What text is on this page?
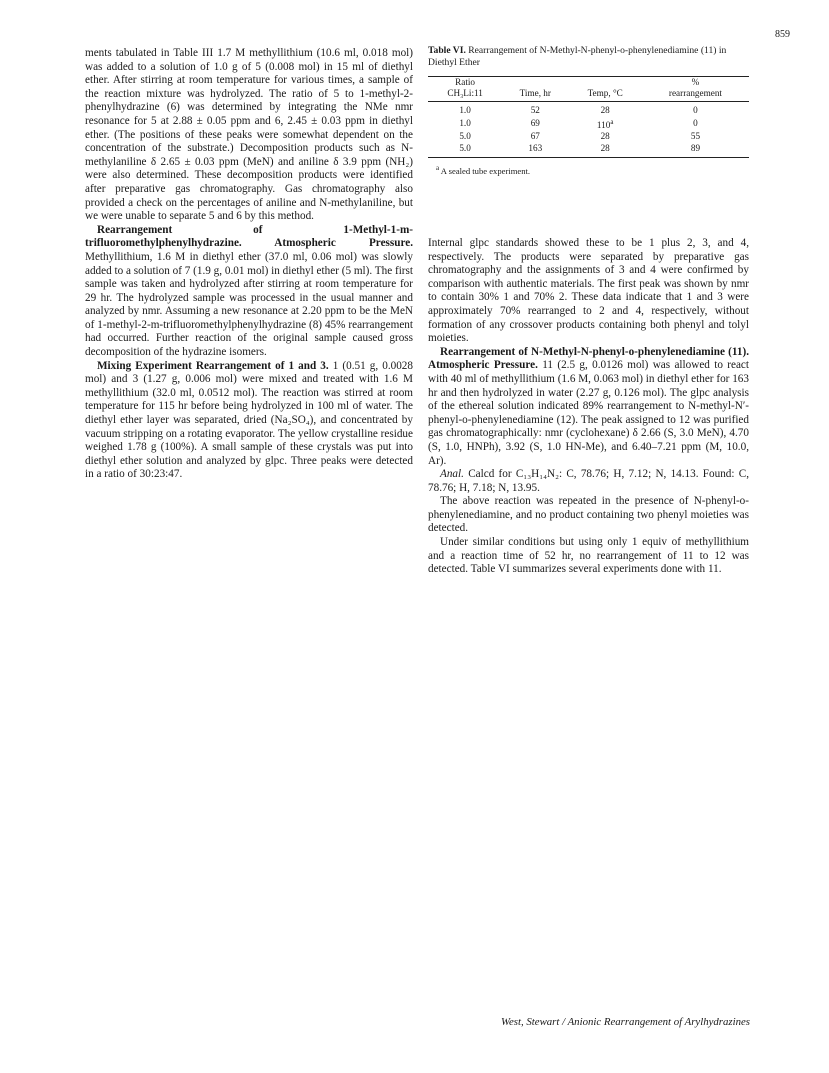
859

ments tabulated in Table III 1.7 M methyllithium (10.6 ml, 0.018 mol) was added to a solution of 1.0 g of 5 (0.008 mol) in 15 ml of diethyl ether. After stirring at room temperature for various times, a sample of the reaction mixture was hydrolyzed. The ratio of 5 to 1-methyl-2-phenylhydrazine (6) was determined by integrating the NMe nmr resonance for 5 at 2.88 ± 0.05 ppm and 6, 2.45 ± 0.03 ppm in diethyl ether. (The positions of these peaks were somewhat dependent on the concentration of the substrate.) Decomposition products such as N-methylaniline δ 2.65 ± 0.03 ppm (MeN) and aniline δ 3.9 ppm (NH₂) were also determined. These decomposition products were identified after preparative gas chromatography. Gas chromatography also provided a check on the percentages of aniline and N-methylaniline, but we were unable to separate 5 and 6 by this method.

Rearrangement of 1-Methyl-1-m-trifluoromethylphenylhydrazine. Atmospheric Pressure. Methyllithium, 1.6 M in diethyl ether (37.0 ml, 0.06 mol) was slowly added to a solution of 7 (1.9 g, 0.01 mol) in diethyl ether (5 ml). The first sample was taken and hydrolyzed after stirring at room temperature for 29 hr. The hydrolyzed sample was processed in the usual manner and analyzed by nmr. Assuming a new resonance at 2.20 ppm to be the MeN of 1-methyl-2-m-trifluoromethylphenylhydrazine (8) 45% rearrangement had occurred. Further reaction of the original sample caused gross decomposition of the hydrazine isomers.

Mixing Experiment Rearrangement of 1 and 3. 1 (0.51 g, 0.0028 mol) and 3 (1.27 g, 0.006 mol) were mixed and treated with 1.6 M methyllithium (32.0 ml, 0.0512 mol). The reaction was stirred at room temperature for 115 hr before being hydrolyzed in 100 ml of water. The diethyl ether layer was separated, dried (Na₂SO₄), and concentrated by vacuum stripping on a rotating evaporator. The yellow crystalline residue weighed 1.78 g (100%). A small sample of these crystals was put into diethyl ether solution and analyzed by glpc. Three peaks were detected in a ratio of 30:23:47.

Table VI. Rearrangement of N-Methyl-N-phenyl-o-phenylenediamine (11) in Diethyl Ether
Ratio
CH₃Li:11	Time, hr	Temp, °C	%
rearrangement

1.0	52	28	0
1.0	69	110$^a$	0
5.0	67	28	55
5.0	163	28	89
$^a$ A sealed tube experiment.

Internal glpc standards showed these to be 1 plus 2, 3, and 4, respectively. The products were separated by preparative gas chromatography and the assignments of 3 and 4 were confirmed by comparison with authentic materials. The first peak was shown by nmr to contain 30% 1 and 70% 2. These data indicate that 1 and 3 were approximately 70% rearranged to 2 and 4, respectively, without formation of any crossover products containing both phenyl and tolyl moieties.

Rearrangement of N-Methyl-N-phenyl-o-phenylenediamine (11). Atmospheric Pressure. 11 (2.5 g, 0.0126 mol) was allowed to react with 40 ml of methyllithium (1.6 M, 0.063 mol) in diethyl ether for 163 hr and then hydrolyzed in water (2.27 g, 0.126 mol). The glpc analysis of the ethereal solution indicated 89% rearrangement to N-methyl-N′-phenyl-o-phenylenediamine (12). The peak assigned to 12 was purified gas chromatographically: nmr (cyclohexane) δ 2.66 (S, 3.0 MeN), 4.70 (S, 1.0, HNPh), 3.92 (S, 1.0 HN-Me), and 6.40–7.21 ppm (M, 10.0, Ar).

Anal. Calcd for C₁₃H₁₄N₂: C, 78.76; H, 7.12; N, 14.13. Found: C, 78.76; H, 7.18; N, 13.95.

The above reaction was repeated in the presence of N-phenyl-o-phenylenediamine, and no product containing two phenyl moieties was detected.

Under similar conditions but using only 1 equiv of methyllithium and a reaction time of 52 hr, no rearrangement of 11 to 12 was detected. Table VI summarizes several experiments done with 11.

West, Stewart / Anionic Rearrangement of Arylhydrazines
